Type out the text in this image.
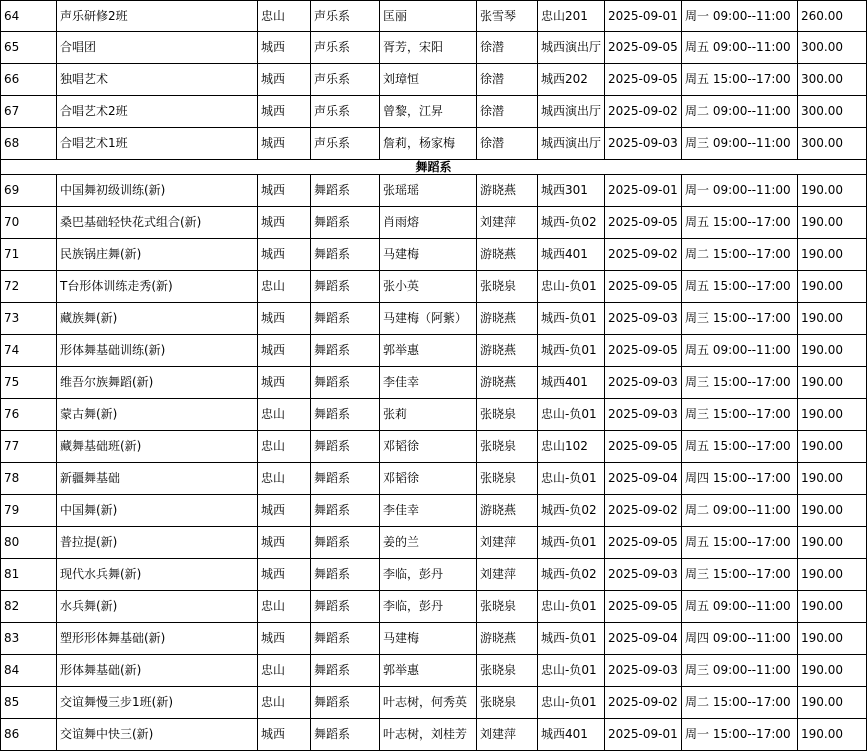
64	声乐研修2班	忠山	声乐系	匡丽	张雪琴	忠山201	2025-09-01	周一 09:00--11:00	260.00
65	合唱团	城西	声乐系	胥芳，宋阳	徐潜	城西演出厅	2025-09-05	周五 09:00--11:00	300.00
66	独唱艺术	城西	声乐系	刘璋恒	徐潜	城西202	2025-09-05	周五 15:00--17:00	300.00
67	合唱艺术2班	城西	声乐系	曾黎，江昇	徐潜	城西演出厅	2025-09-02	周二 09:00--11:00	300.00
68	合唱艺术1班	城西	声乐系	詹莉，杨家梅	徐潜	城西演出厅	2025-09-03	周三 09:00--11:00	300.00
舞蹈系									
69	中国舞初级训练(新)	城西	舞蹈系	张瑶瑶	游晓燕	城西301	2025-09-01	周一 09:00--11:00	190.00
70	桑巴基础轻快花式组合(新)	城西	舞蹈系	肖雨熔	刘建萍	城西-负02	2025-09-05	周五 15:00--17:00	190.00
71	民族锅庄舞(新)	城西	舞蹈系	马建梅	游晓燕	城西401	2025-09-02	周二 15:00--17:00	190.00
72	T台形体训练走秀(新)	忠山	舞蹈系	张小英	张晓泉	忠山-负01	2025-09-05	周五 15:00--17:00	190.00
73	藏族舞(新)	城西	舞蹈系	马建梅（阿紫）	游晓燕	城西-负01	2025-09-03	周三 15:00--17:00	190.00
74	形体舞基础训练(新)	城西	舞蹈系	郭举惠	游晓燕	城西-负01	2025-09-05	周五 09:00--11:00	190.00
75	维吾尔族舞蹈(新)	城西	舞蹈系	李佳幸	游晓燕	城西401	2025-09-03	周三 15:00--17:00	190.00
76	蒙古舞(新)	忠山	舞蹈系	张莉	张晓泉	忠山-负01	2025-09-03	周三 15:00--17:00	190.00
77	藏舞基础班(新)	忠山	舞蹈系	邓韬徐	张晓泉	忠山102	2025-09-05	周五 15:00--17:00	190.00
78	新疆舞基础	忠山	舞蹈系	邓韬徐	张晓泉	忠山-负01	2025-09-04	周四 15:00--17:00	190.00
79	中国舞(新)	城西	舞蹈系	李佳幸	游晓燕	城西-负02	2025-09-02	周二 09:00--11:00	190.00
80	普拉提(新)	城西	舞蹈系	姜的兰	刘建萍	城西-负01	2025-09-05	周五 15:00--17:00	190.00
81	现代水兵舞(新)	城西	舞蹈系	李临，彭丹	刘建萍	城西-负02	2025-09-03	周三 15:00--17:00	190.00
82	水兵舞(新)	忠山	舞蹈系	李临，彭丹	张晓泉	忠山-负01	2025-09-05	周五 09:00--11:00	190.00
83	塑形形体舞基础(新)	城西	舞蹈系	马建梅	游晓燕	城西-负01	2025-09-04	周四 09:00--11:00	190.00
84	形体舞基础(新)	忠山	舞蹈系	郭举惠	张晓泉	忠山-负01	2025-09-03	周三 09:00--11:00	190.00
85	交谊舞慢三步1班(新)	忠山	舞蹈系	叶志树，何秀英	张晓泉	忠山-负01	2025-09-02	周二 15:00--17:00	190.00
86	交谊舞中快三(新)	城西	舞蹈系	叶志树，刘桂芳	刘建萍	城西401	2025-09-01	周一 15:00--17:00	190.00
